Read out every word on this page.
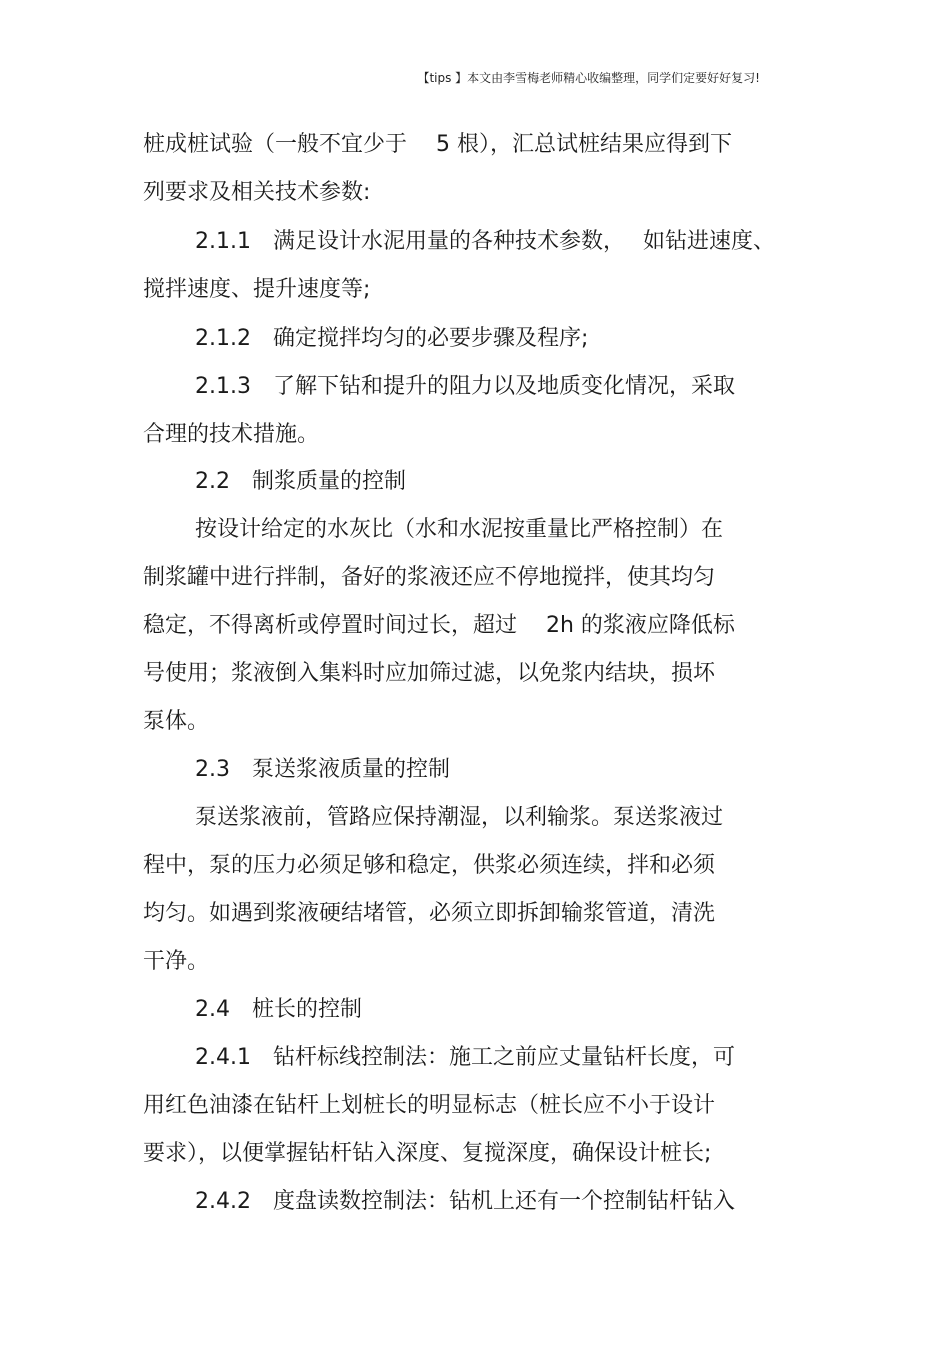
【tips 】本文由李雪梅老师精心收编整理，同学们定要好好复习!
桩成桩试验（一般不宜少于　 5 根），汇总试桩结果应得到下
列要求及相关技术参数:
2.1.1　满足设计水泥用量的各种技术参数，　 如钻进速度、
搅拌速度、提升速度等;
2.1.2　确定搅拌均匀的必要步骤及程序;
2.1.3　了解下钻和提升的阻力以及地质变化情况，采取
合理的技术措施。
2.2　制浆质量的控制
按设计给定的水灰比（水和水泥按重量比严格控制）在
制浆罐中进行拌制，备好的浆液还应不停地搅拌，使其均匀
稳定，不得离析或停置时间过长，超过　 2h 的浆液应降低标
号使用；浆液倒入集料时应加筛过滤，以免浆内结块，损坏
泵体。
2.3　泵送浆液质量的控制
泵送浆液前，管路应保持潮湿，以利输浆。泵送浆液过
程中，泵的压力必须足够和稳定，供浆必须连续，拌和必须
均匀。如遇到浆液硬结堵管，必须立即拆卸输浆管道，清洗
干净。
2.4　桩长的控制
2.4.1　钻杆标线控制法：施工之前应丈量钻杆长度，可
用红色油漆在钻杆上划桩长的明显标志（桩长应不小于设计
要求），以便掌握钻杆钻入深度、复搅深度，确保设计桩长;
2.4.2　度盘读数控制法：钻机上还有一个控制钻杆钻入
